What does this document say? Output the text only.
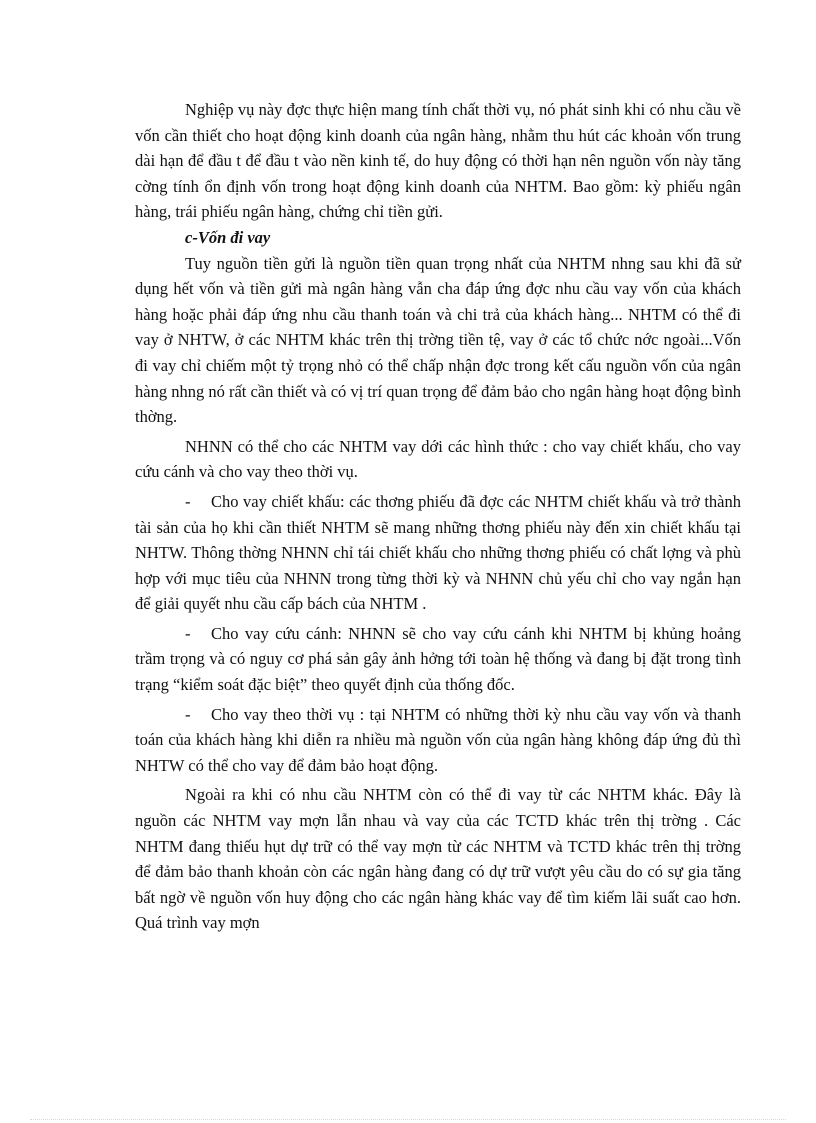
Nghiệp vụ này đợc thực hiện mang tính chất thời vụ, nó phát sinh khi có nhu cầu về vốn cần thiết cho hoạt động kinh doanh của ngân hàng, nhằm thu hút các khoản vốn trung dài hạn để đầu t để đầu t vào nền kinh tế, do huy động có thời hạn nên nguồn vốn này tăng cờng tính ổn định vốn trong hoạt động kinh doanh của NHTM. Bao gồm: kỳ phiếu ngân hàng, trái phiếu ngân hàng, chứng chỉ tiền gửi.

c-Vốn đi vay

Tuy nguồn tiền gửi là nguồn tiền quan trọng nhất của NHTM nhng sau khi đã sử dụng hết vốn và tiền gửi mà ngân hàng vẫn cha đáp ứng đợc nhu cầu vay vốn của khách hàng hoặc phải đáp ứng nhu cầu thanh toán và chi trả của khách hàng... NHTM có thể đi vay ở NHTW, ở các NHTM khác trên thị trờng tiền tệ, vay ở các tổ chức nớc ngoài...Vốn đi vay chỉ chiếm một tỷ trọng nhỏ có thể chấp nhận đợc trong kết cấu nguồn vốn của ngân hàng nhng nó rất cần thiết và có vị trí quan trọng để đảm bảo cho ngân hàng hoạt động bình thờng.

NHNN có thể cho các NHTM vay dới các hình thức : cho vay chiết khấu, cho vay cứu cánh và cho vay theo thời vụ.

- Cho vay chiết khấu: các thơng phiếu đã đợc các NHTM chiết khấu và trở thành tài sản của họ khi cần thiết NHTM sẽ mang những thơng phiếu này đến xin chiết khấu tại NHTW. Thông thờng NHNN chỉ tái chiết khấu cho những thơng phiếu có chất lợng và phù hợp với mục tiêu của NHNN trong từng thời kỳ và NHNN chủ yếu chỉ cho vay ngắn hạn để giải quyết nhu cầu cấp bách của NHTM .

- Cho vay cứu cánh: NHNN sẽ cho vay cứu cánh khi NHTM bị khủng hoảng trầm trọng và có nguy cơ phá sản gây ảnh hởng tới toàn hệ thống và đang bị đặt trong tình trạng “kiểm soát đặc biệt” theo quyết định của thống đốc.

- Cho vay theo thời vụ : tại NHTM có những thời kỳ nhu cầu vay vốn và thanh toán của khách hàng khi diễn ra nhiều mà nguồn vốn của ngân hàng không đáp ứng đủ thì NHTW có thể cho vay để đảm bảo hoạt động.

Ngoài ra khi có nhu cầu NHTM còn có thể đi vay từ các NHTM khác. Đây là nguồn các NHTM vay mợn lẫn nhau và vay của các TCTD khác trên thị trờng . Các NHTM đang thiếu hụt dự trữ có thể vay mợn từ các NHTM và TCTD khác trên thị trờng để đảm bảo thanh khoản còn các ngân hàng đang có dự trữ vượt yêu cầu do có sự gia tăng bất ngờ về nguồn vốn huy động cho các ngân hàng khác vay để tìm kiếm lãi suất cao hơn. Quá trình vay mợn
